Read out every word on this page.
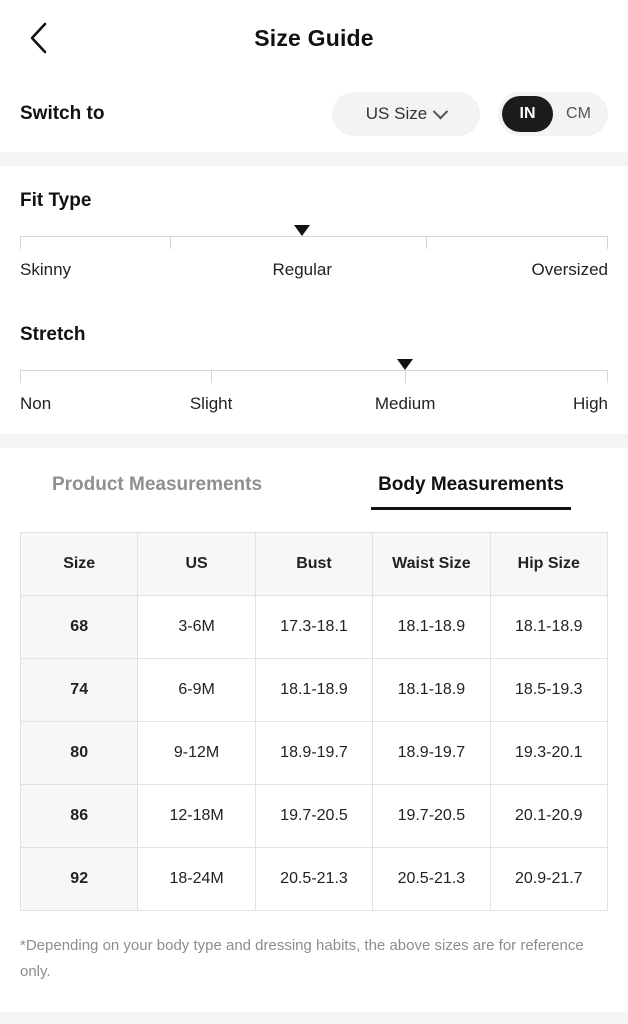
Size Guide
Switch to	US Size	IN	CM
Fit Type
Skinny	Regular	Oversized
Stretch
Non	Slight	Medium	High
Product Measurements	Body Measurements
Size	US	Bust	Waist Size	Hip Size
68	3-6M	17.3-18.1	18.1-18.9	18.1-18.9
74	6-9M	18.1-18.9	18.1-18.9	18.5-19.3
80	9-12M	18.9-19.7	18.9-19.7	19.3-20.1
86	12-18M	19.7-20.5	19.7-20.5	20.1-20.9
92	18-24M	20.5-21.3	20.5-21.3	20.9-21.7
*Depending on your body type and dressing habits, the above sizes are for reference only.
